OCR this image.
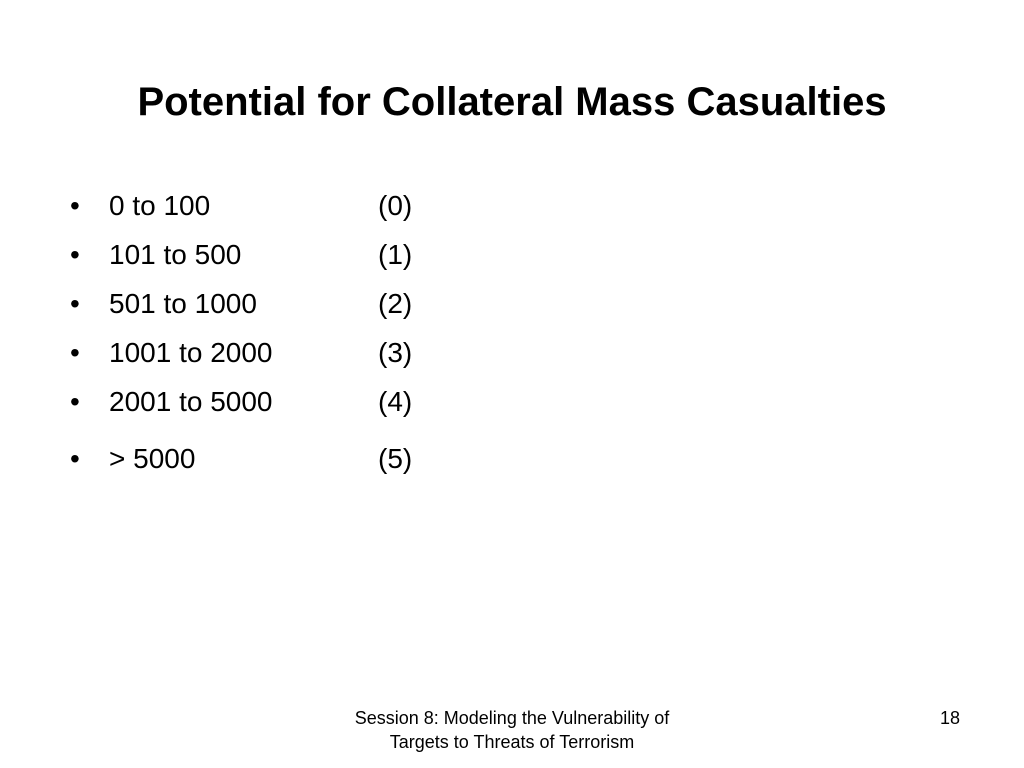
Potential for Collateral Mass Casualties
•	0 to 100	(0)
•	101 to 500	(1)
•	501 to 1000	(2)
•	1001 to 2000	(3)
•	2001 to 5000	(4)
•	> 5000	(5)
Session 8: Modeling the Vulnerability of Targets to Threats of Terrorism
18
